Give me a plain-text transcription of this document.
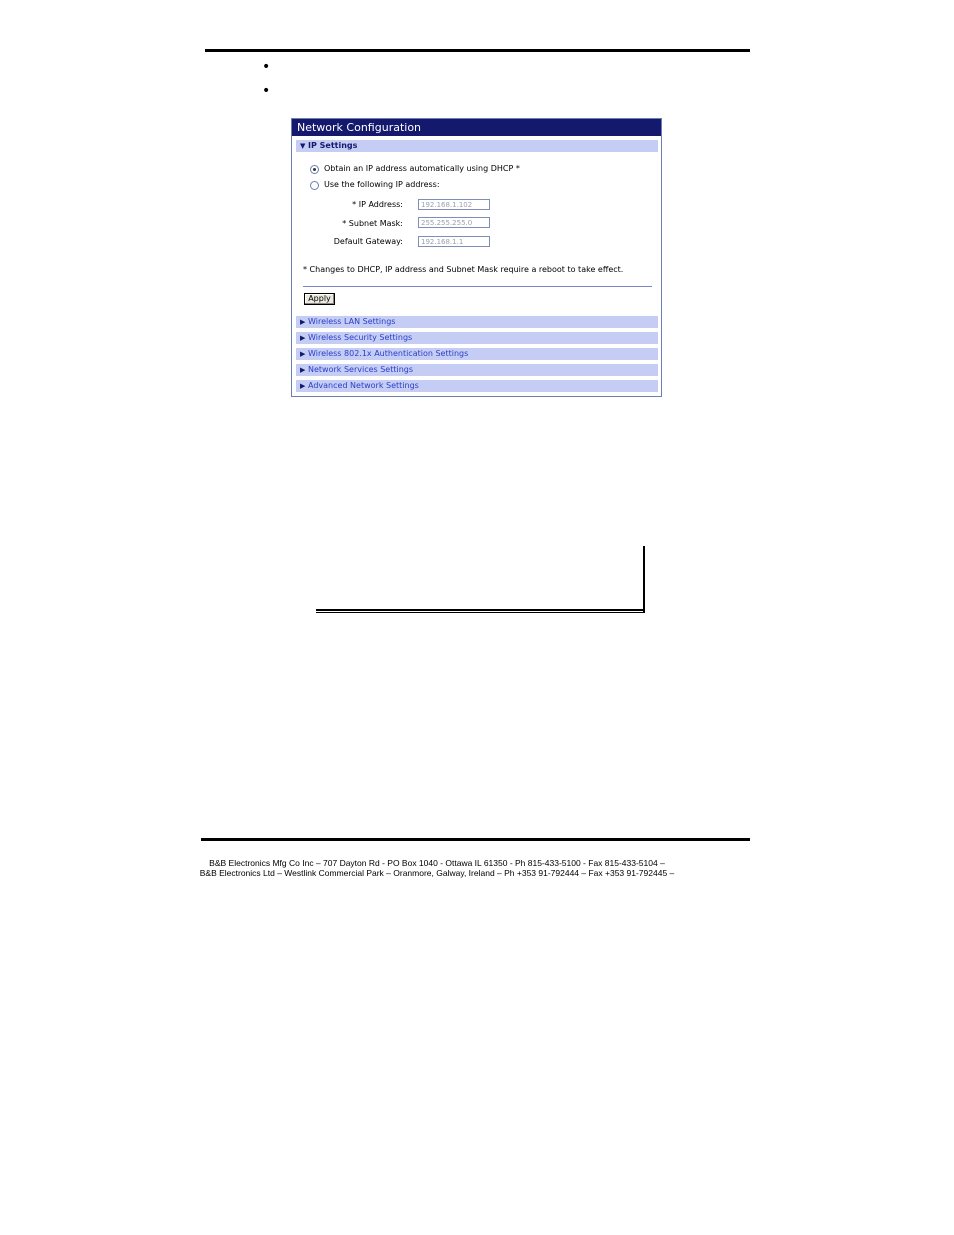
•
•
Network Configuration
▼ IP Settings
Obtain an IP address automatically using DHCP *
Use the following IP address:
* IP Address:
192.168.1.102
* Subnet Mask:
255.255.255.0
Default Gateway:
192.168.1.1
* Changes to DHCP, IP address and Subnet Mask require a reboot to take effect.
Apply
▶ Wireless LAN Settings
▶ Wireless Security Settings
▶ Wireless 802.1x Authentication Settings
▶ Network Services Settings
▶ Advanced Network Settings
B&B Electronics Mfg Co Inc – 707 Dayton Rd - PO Box 1040 - Ottawa IL 61350 - Ph 815-433-5100 - Fax 815-433-5104 –
B&B Electronics Ltd – Westlink Commercial Park – Oranmore, Galway, Ireland – Ph +353 91-792444 – Fax +353 91-792445 –
